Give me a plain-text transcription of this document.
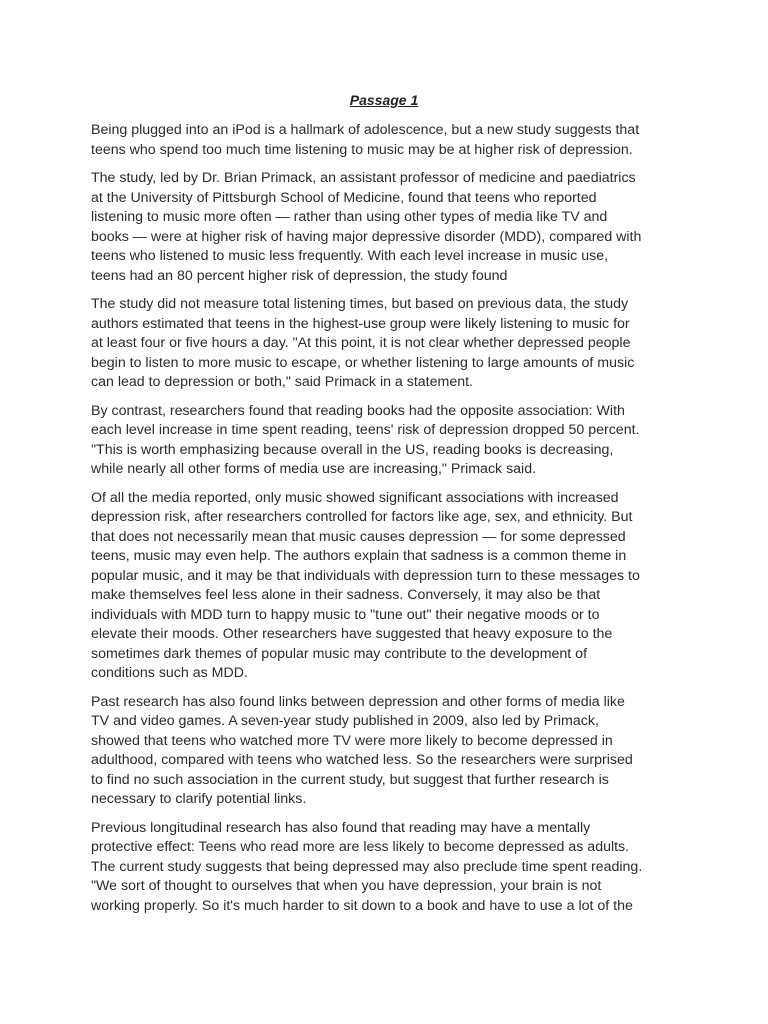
Passage 1

Being plugged into an iPod is a hallmark of adolescence, but a new study suggests that
teens who spend too much time listening to music may be at higher risk of depression.

The study, led by Dr. Brian Primack, an assistant professor of medicine and paediatrics
at the University of Pittsburgh School of Medicine, found that teens who reported
listening to music more often — rather than using other types of media like TV and
books — were at higher risk of having major depressive disorder (MDD), compared with
teens who listened to music less frequently. With each level increase in music use,
teens had an 80 percent higher risk of depression, the study found

The study did not measure total listening times, but based on previous data, the study
authors estimated that teens in the highest-use group were likely listening to music for
at least four or five hours a day. "At this point, it is not clear whether depressed people
begin to listen to more music to escape, or whether listening to large amounts of music
can lead to depression or both," said Primack in a statement.

By contrast, researchers found that reading books had the opposite association: With
each level increase in time spent reading, teens' risk of depression dropped 50 percent.
"This is worth emphasizing because overall in the US, reading books is decreasing,
while nearly all other forms of media use are increasing," Primack said.

Of all the media reported, only music showed significant associations with increased
depression risk, after researchers controlled for factors like age, sex, and ethnicity. But
that does not necessarily mean that music causes depression — for some depressed
teens, music may even help. The authors explain that sadness is a common theme in
popular music, and it may be that individuals with depression turn to these messages to
make themselves feel less alone in their sadness. Conversely, it may also be that
individuals with MDD turn to happy music to "tune out" their negative moods or to
elevate their moods. Other researchers have suggested that heavy exposure to the
sometimes dark themes of popular music may contribute to the development of
conditions such as MDD.

Past research has also found links between depression and other forms of media like
TV and video games. A seven-year study published in 2009, also led by Primack,
showed that teens who watched more TV were more likely to become depressed in
adulthood, compared with teens who watched less. So the researchers were surprised
to find no such association in the current study, but suggest that further research is
necessary to clarify potential links.

Previous longitudinal research has also found that reading may have a mentally
protective effect: Teens who read more are less likely to become depressed as adults.
The current study suggests that being depressed may also preclude time spent reading.
"We sort of thought to ourselves that when you have depression, your brain is not
working properly. So it's much harder to sit down to a book and have to use a lot of the
